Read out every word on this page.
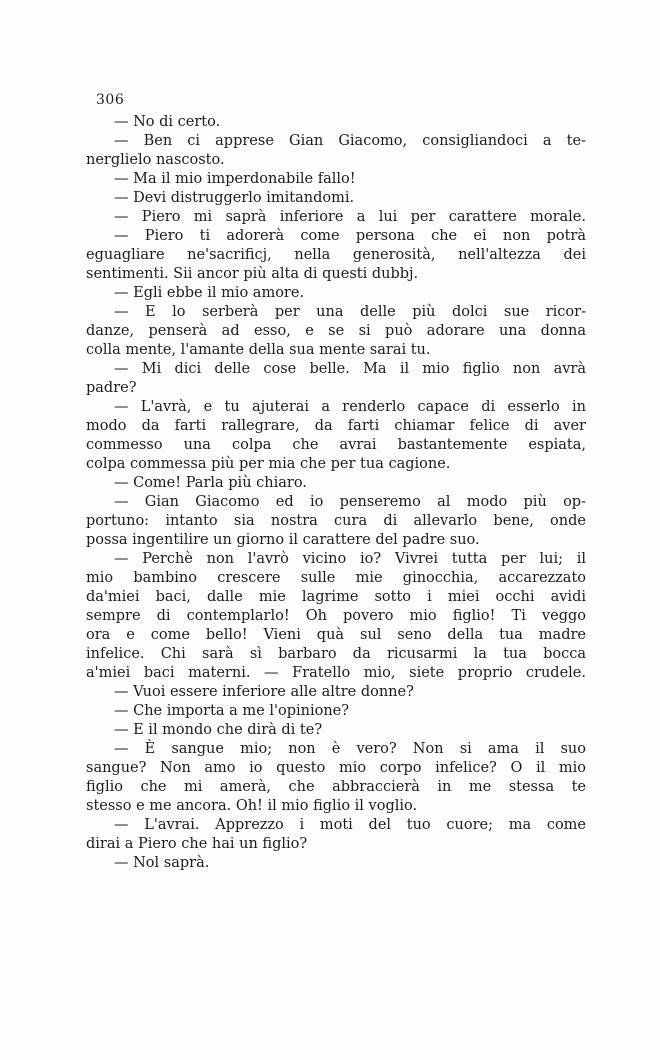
306
— No di certo.
— Ben ci apprese Gian Giacomo, consigliandoci a te-
nerglielo nascosto.
— Ma il mio imperdonabile fallo!
— Devi distruggerlo imitandomi.
— Piero mi saprà inferiore a lui per carattere morale.
— Piero ti adorerà come persona che ei non potrà
eguagliare ne'sacrificj, nella generosità, nell'altezza dei
sentimenti. Sii ancor più alta di questi dubbj.
— Egli ebbe il mio amore.
— E lo serberà per una delle più dolci sue ricor-
danze, penserà ad esso, e se si può adorare una donna
colla mente, l'amante della sua mente sarai tu.
— Mi dici delle cose belle. Ma il mio figlio non avrà
padre?
— L'avrà, e tu ajuterai a renderlo capace di esserlo in
modo da farti rallegrare, da farti chiamar felice di aver
commesso una colpa che avrai bastantemente espiata,
colpa commessa più per mia che per tua cagione.
— Come! Parla più chiaro.
— Gian Giacomo ed io penseremo al modo più op-
portuno: intanto sia nostra cura di allevarlo bene, onde
possa ingentilire un giorno il carattere del padre suo.
— Perchè non l'avrò vicino io? Vivrei tutta per lui; il
mio bambino crescere sulle mie ginocchia, accarezzato
da'miei baci, dalle mie lagrime sotto i miei occhi avidi
sempre di contemplarlo! Oh povero mio figlio! Ti veggo
ora e come bello! Vieni quà sul seno della tua madre
infelice. Chi sarà sì barbaro da ricusarmi la tua bocca
a'miei baci materni. — Fratello mio, siete proprio crudele.
— Vuoi essere inferiore alle altre donne?
— Che importa a me l'opinione?
— E il mondo che dirà di te?
— È sangue mio; non è vero? Non si ama il suo
sangue? Non amo io questo mio corpo infelice? O il mio
figlio che mi amerà, che abbraccierà in me stessa te
stesso e me ancora. Oh! il mio figlio il voglio.
— L'avrai. Apprezzo i moti del tuo cuore; ma come
dirai a Piero che hai un figlio?
— Nol saprà.
